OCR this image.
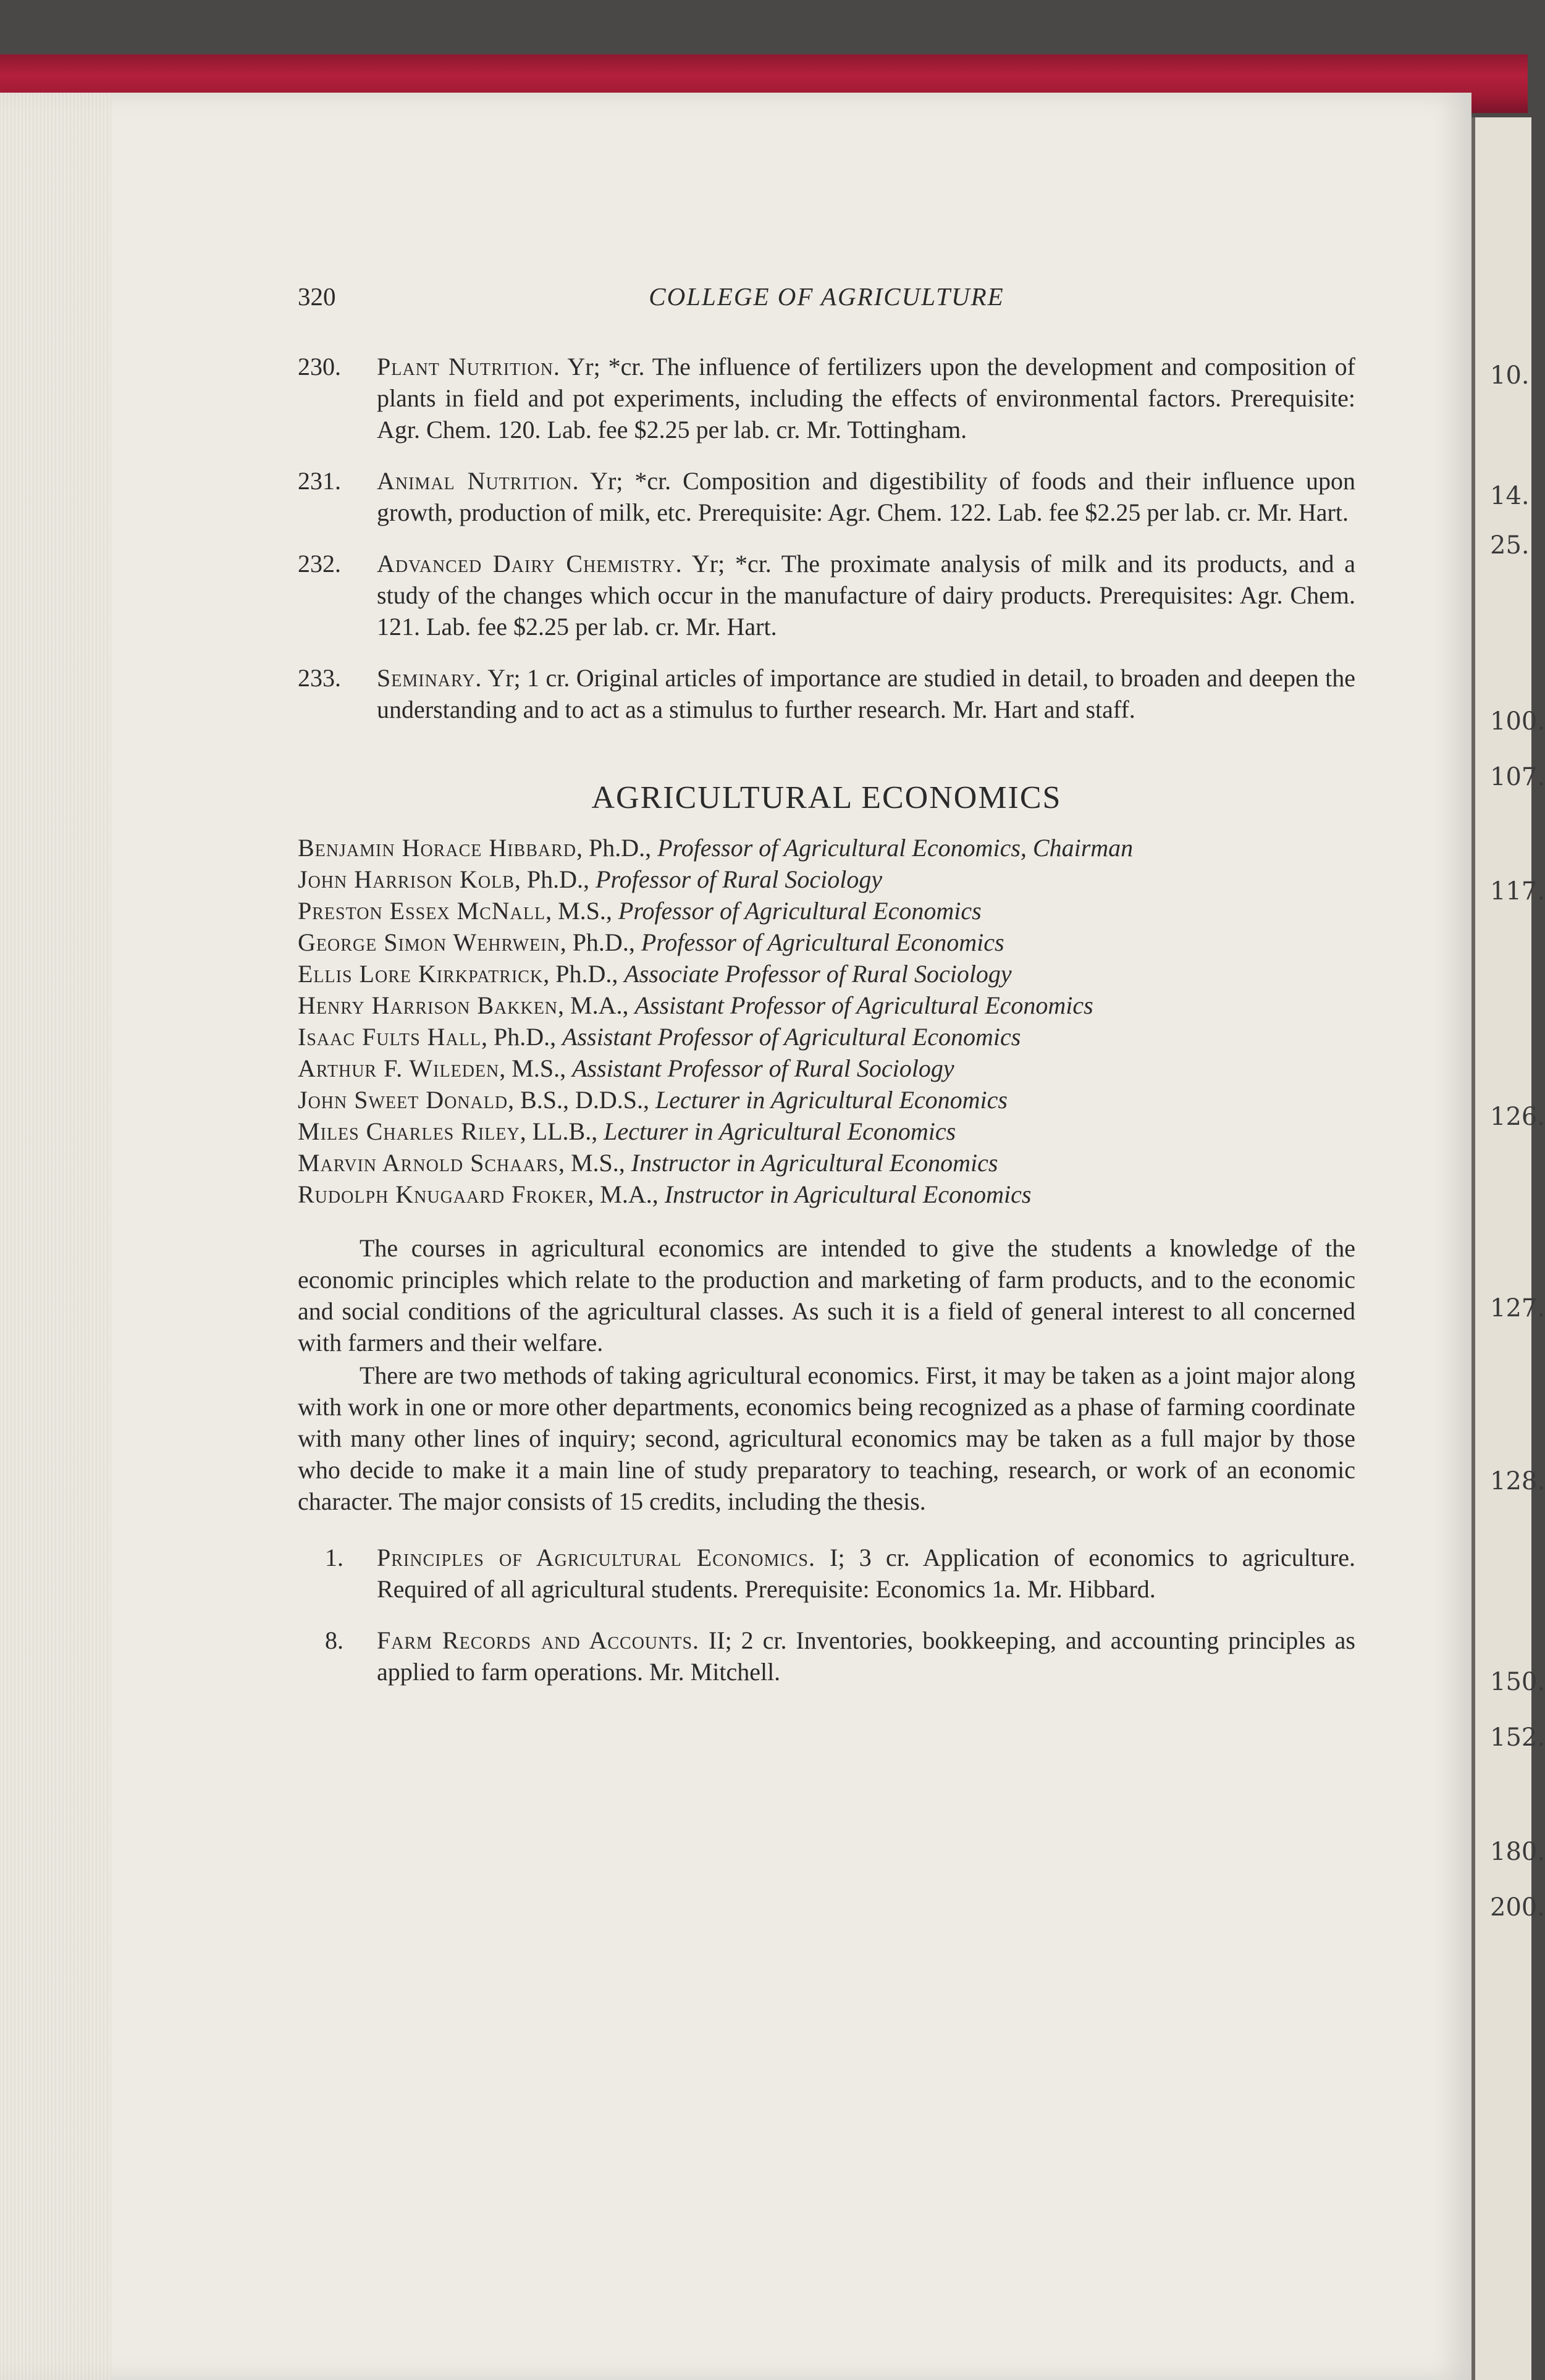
10.
14.
25.
100.
107.
117.
126.
127.
128.
150.
152.
180.
200.
320	COLLEGE OF AGRICULTURE
230.	Plant Nutrition. Yr; *cr. The influence of fertilizers upon the development and composition of plants in field and pot experiments, including the effects of environmental factors. Prerequisite: Agr. Chem. 120. Lab. fee $2.25 per lab. cr. Mr. Tottingham.
231.	Animal Nutrition. Yr; *cr. Composition and digestibility of foods and their influence upon growth, production of milk, etc. Prerequisite: Agr. Chem. 122. Lab. fee $2.25 per lab. cr. Mr. Hart.
232.	Advanced Dairy Chemistry. Yr; *cr. The proximate analysis of milk and its products, and a study of the changes which occur in the manufacture of dairy products. Prerequisites: Agr. Chem. 121. Lab. fee $2.25 per lab. cr. Mr. Hart.
233.	Seminary. Yr; 1 cr. Original articles of importance are studied in detail, to broaden and deepen the understanding and to act as a stimulus to further research. Mr. Hart and staff.
AGRICULTURAL ECONOMICS
Benjamin Horace Hibbard, Ph.D., Professor of Agricultural Economics, Chairman
John Harrison Kolb, Ph.D., Professor of Rural Sociology
Preston Essex McNall, M.S., Professor of Agricultural Economics
George Simon Wehrwein, Ph.D., Professor of Agricultural Economics
Ellis Lore Kirkpatrick, Ph.D., Associate Professor of Rural Sociology
Henry Harrison Bakken, M.A., Assistant Professor of Agricultural Economics
Isaac Fults Hall, Ph.D., Assistant Professor of Agricultural Economics
Arthur F. Wileden, M.S., Assistant Professor of Rural Sociology
John Sweet Donald, B.S., D.D.S., Lecturer in Agricultural Economics
Miles Charles Riley, LL.B., Lecturer in Agricultural Economics
Marvin Arnold Schaars, M.S., Instructor in Agricultural Economics
Rudolph Knugaard Froker, M.A., Instructor in Agricultural Economics

The courses in agricultural economics are intended to give the students a knowledge of the economic principles which relate to the production and marketing of farm products, and to the economic and social conditions of the agricultural classes. As such it is a field of general interest to all concerned with farmers and their welfare.

There are two methods of taking agricultural economics. First, it may be taken as a joint major along with work in one or more other departments, economics being recognized as a phase of farming coordinate with many other lines of inquiry; second, agricultural economics may be taken as a full major by those who decide to make it a main line of study preparatory to teaching, research, or work of an economic character. The major consists of 15 credits, including the thesis.

1.	Principles of Agricultural Economics. I; 3 cr. Application of economics to agriculture. Required of all agricultural students. Prerequisite: Economics 1a. Mr. Hibbard.
8.	Farm Records and Accounts. II; 2 cr. Inventories, bookkeeping, and accounting principles as applied to farm operations. Mr. Mitchell.
